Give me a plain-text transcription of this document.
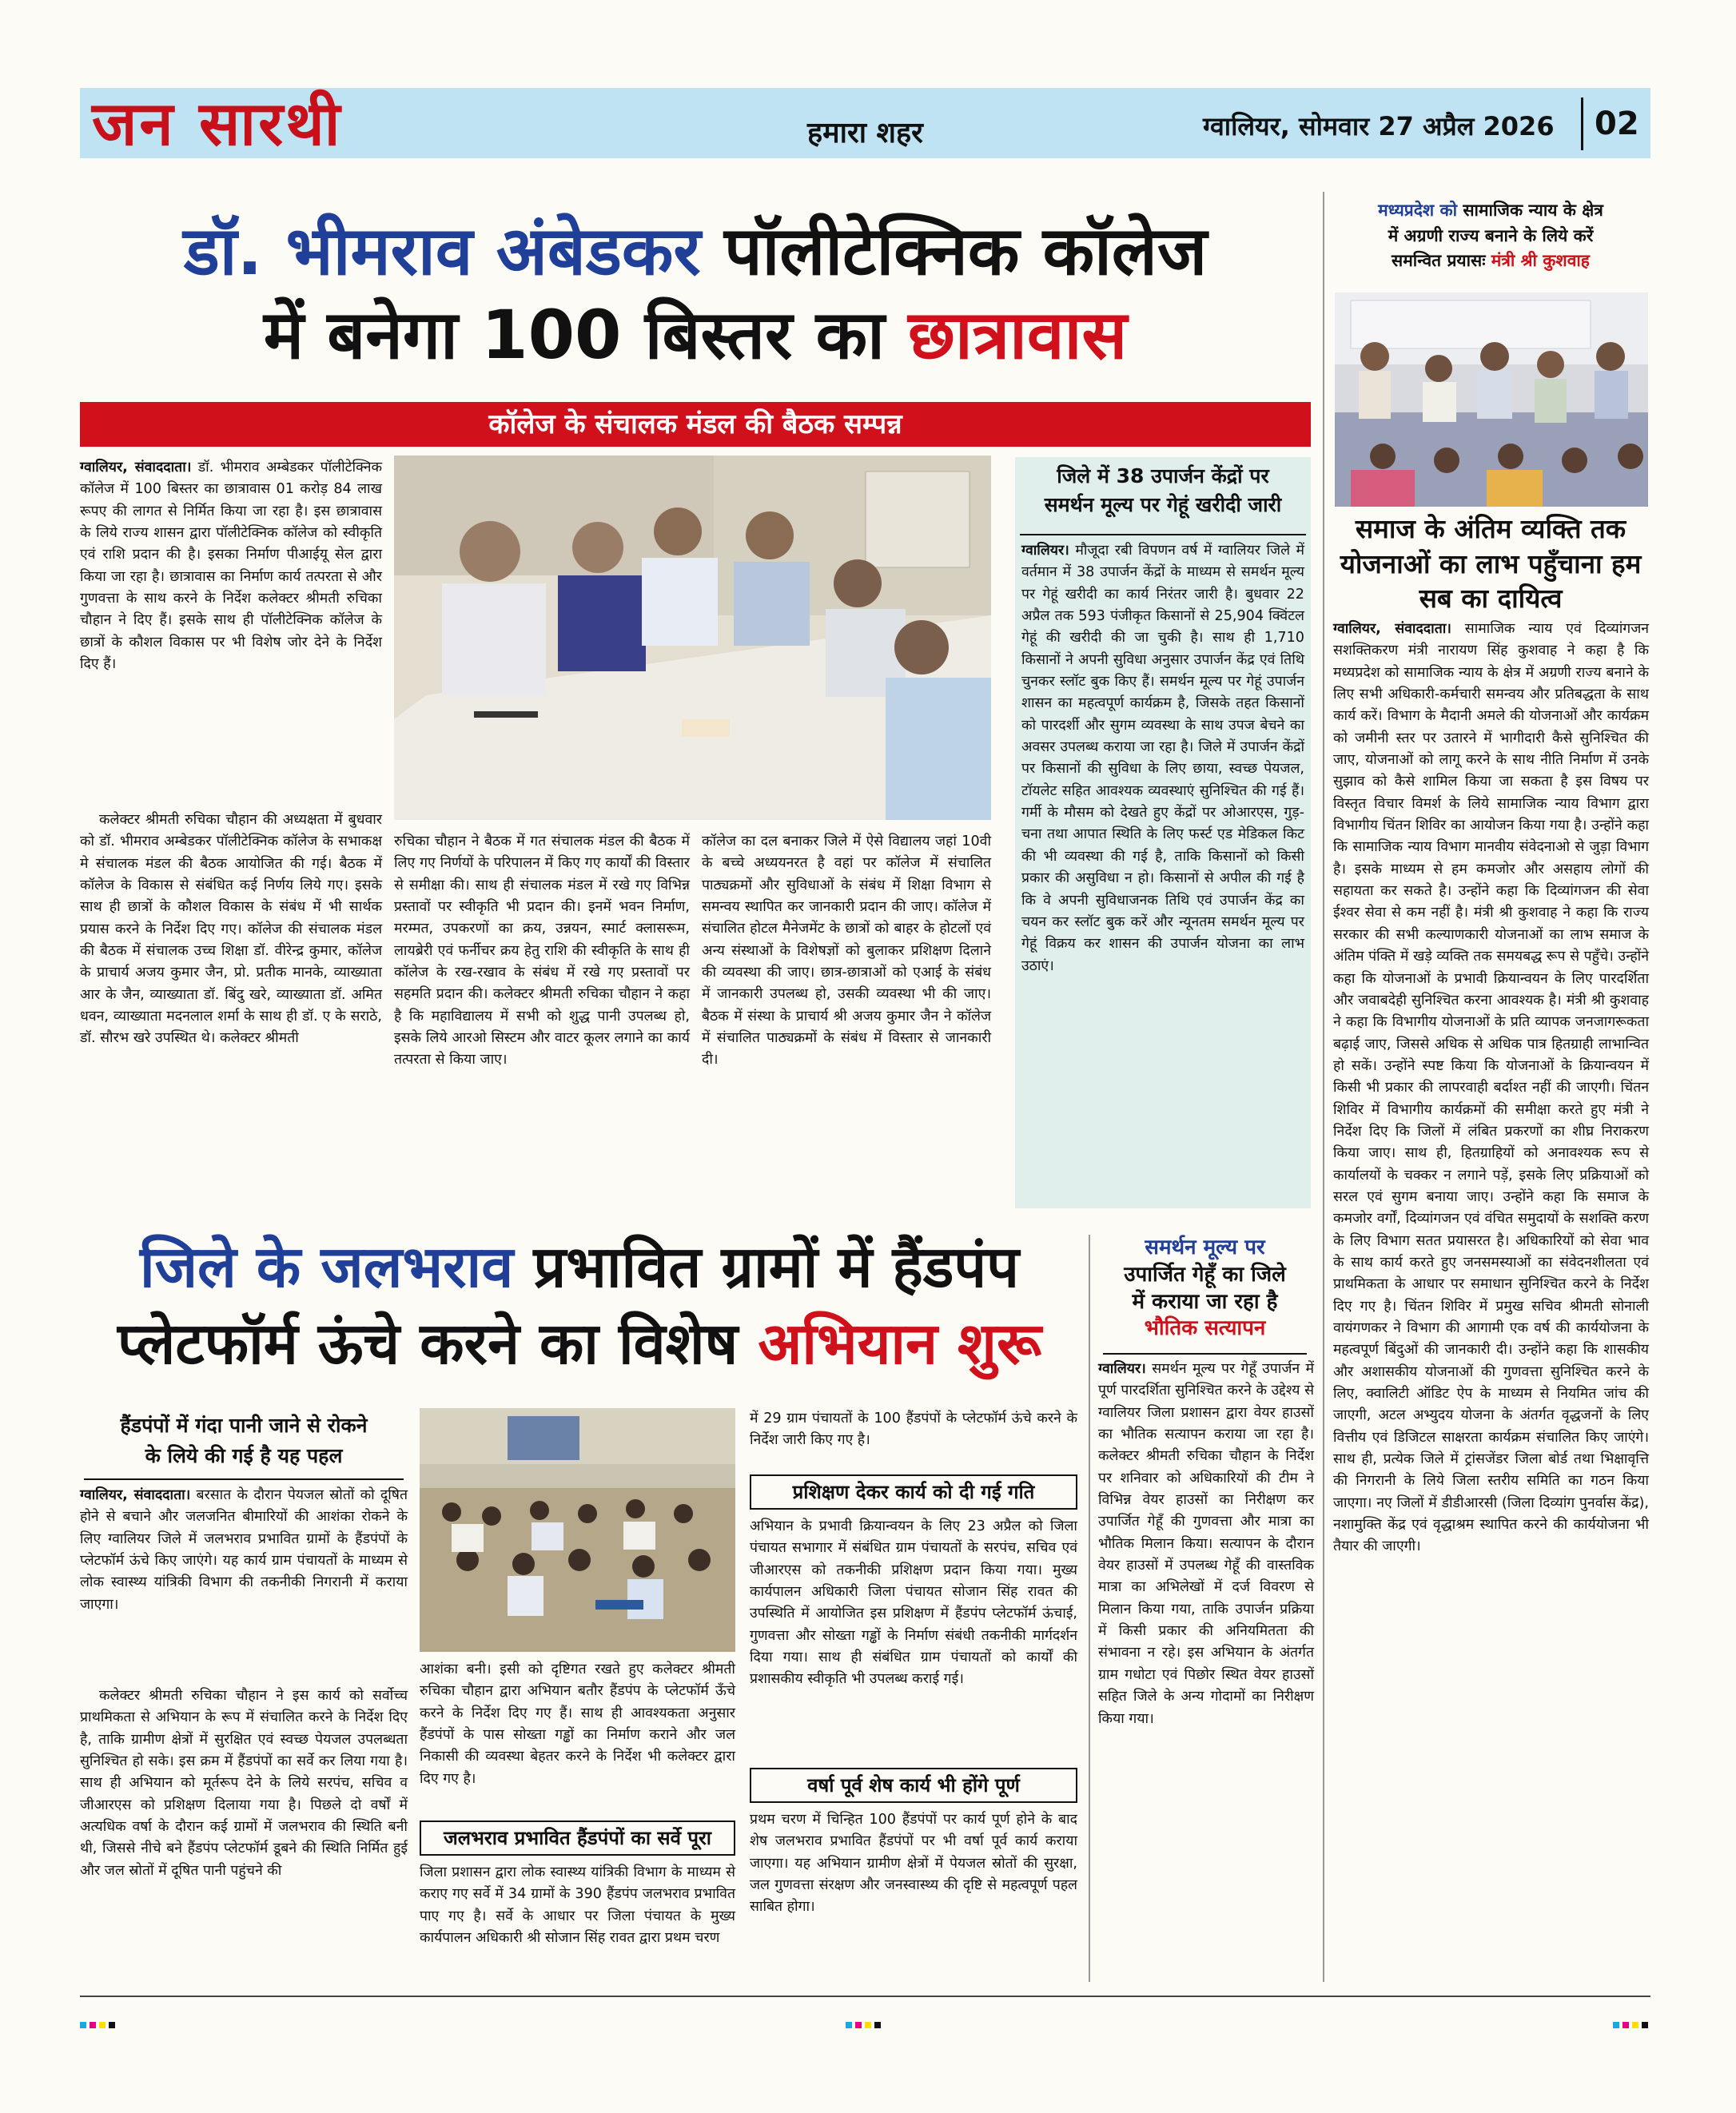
जन सारथी	हमारा शहर	ग्वालियर, सोमवार 27 अप्रैल 2026 02
डॉ. भीमराव अंबेडकर पॉलीटेक्निक कॉलेज
में बनेगा 100 बिस्तर का छात्रावास
कॉलेज के संचालक मंडल की बैठक सम्पन्न
ग्वालियर, संवाददाता। डॉ. भीमराव अम्बेडकर पॉलीटेक्निक कॉलेज में 100 बिस्तर का छात्रावास 01 करोड़ 84 लाख रूपए की लागत से निर्मित किया जा रहा है। इस छात्रावास के लिये राज्य शासन द्वारा पॉलीटेक्निक कॉलेज को स्वीकृति एवं राशि प्रदान की है। इसका निर्माण पीआईयू सेल द्वारा किया जा रहा है। छात्रावास का निर्माण कार्य तत्परता से और गुणवत्ता के साथ करने के निर्देश कलेक्टर श्रीमती रुचिका चौहान ने दिए हैं। इसके साथ ही पॉलीटेक्निक कॉलेज के छात्रों के कौशल विकास पर भी विशेष जोर देने के निर्देश दिए हैं।
कलेक्टर श्रीमती रुचिका चौहान की अध्यक्षता में बुधवार को डॉ. भीमराव अम्बेडकर पॉलीटेक्निक कॉलेज के सभाकक्ष मे संचालक मंडल की बैठक आयोजित की गई। बैठक में कॉलेज के विकास से संबंधित कई निर्णय लिये गए। इसके साथ ही छात्रों के कौशल विकास के संबंध में भी सार्थक प्रयास करने के निर्देश दिए गए। कॉलेज की संचालक मंडल की बैठक में संचालक उच्च शिक्षा डॉ. वीरेन्द्र कुमार, कॉलेज के प्राचार्य अजय कुमार जैन, प्रो. प्रतीक मानके, व्याख्याता आर के जैन, व्याख्याता डॉ. बिंदु खरे, व्याख्याता डॉ. अमित धवन, व्याख्याता मदनलाल शर्मा के साथ ही डॉ. ए के सराठे, डॉ. सौरभ खरे उपस्थित थे। कलेक्टर श्रीमती
रुचिका चौहान ने बैठक में गत संचालक मंडल की बैठक में लिए गए निर्णयों के परिपालन में किए गए कार्यों की विस्तार से समीक्षा की। साथ ही संचालक मंडल में रखे गए विभिन्न प्रस्तावों पर स्वीकृति भी प्रदान की। इनमें भवन निर्माण, मरम्मत, उपकरणों का क्रय, उन्नयन, स्मार्ट क्लासरूम, लायब्रेरी एवं फर्नीचर क्रय हेतु राशि की स्वीकृति के साथ ही कॉलेज के रख-रखाव के संबंध में रखे गए प्रस्तावों पर सहमति प्रदान की। कलेक्टर श्रीमती रुचिका चौहान ने कहा है कि महाविद्यालय में सभी को शुद्ध पानी उपलब्ध हो, इसके लिये आरओ सिस्टम और वाटर कूलर लगाने का कार्य तत्परता से किया जाए।
कॉलेज का दल बनाकर जिले में ऐसे विद्यालय जहां 10वी के बच्चे अध्ययनरत है वहां पर कॉलेज में संचालित पाठ्यक्रमों और सुविधाओं के संबंध में शिक्षा विभाग से समन्वय स्थापित कर जानकारी प्रदान की जाए। कॉलेज में संचालित होटल मैनेजमेंट के छात्रों को बाहर के होटलों एवं अन्य संस्थाओं के विशेषज्ञों को बुलाकर प्रशिक्षण दिलाने की व्यवस्था की जाए। छात्र-छात्राओं को एआई के संबंध में जानकारी उपलब्ध हो, उसकी व्यवस्था भी की जाए। बैठक में संस्था के प्राचार्य श्री अजय कुमार जैन ने कॉलेज में संचालित पाठ्यक्रमों के संबंध में विस्तार से जानकारी दी।
जिले में 38 उपार्जन केंद्रों पर
समर्थन मूल्य पर गेहूं खरीदी जारी
ग्वालियर। मौजूदा रबी विपणन वर्ष में ग्वालियर जिले में वर्तमान में 38 उपार्जन केंद्रों के माध्यम से समर्थन मूल्य पर गेहूं खरीदी का कार्य निरंतर जारी है। बुधवार 22 अप्रैल तक 593 पंजीकृत किसानों से 25,904 क्विंटल गेहूं की खरीदी की जा चुकी है। साथ ही 1,710 किसानों ने अपनी सुविधा अनुसार उपार्जन केंद्र एवं तिथि चुनकर स्लॉट बुक किए हैं। समर्थन मूल्य पर गेहूं उपार्जन शासन का महत्वपूर्ण कार्यक्रम है, जिसके तहत किसानों को पारदर्शी और सुगम व्यवस्था के साथ उपज बेचने का अवसर उपलब्ध कराया जा रहा है। जिले में उपार्जन केंद्रों पर किसानों की सुविधा के लिए छाया, स्वच्छ पेयजल, टॉयलेट सहित आवश्यक व्यवस्थाएं सुनिश्चित की गई हैं। गर्मी के मौसम को देखते हुए केंद्रों पर ओआरएस, गुड़-चना तथा आपात स्थिति के लिए फर्स्ट एड मेडिकल किट की भी व्यवस्था की गई है, ताकि किसानों को किसी प्रकार की असुविधा न हो। किसानों से अपील की गई है कि वे अपनी सुविधाजनक तिथि एवं उपार्जन केंद्र का चयन कर स्लॉट बुक करें और न्यूनतम समर्थन मूल्य पर गेहूं विक्रय कर शासन की उपार्जन योजना का लाभ उठाएं।
मध्यप्रदेश को सामाजिक न्याय के क्षेत्र
में अग्रणी राज्य बनाने के लिये करें
समन्वित प्रयासः मंत्री श्री कुशवाह
समाज के अंतिम व्यक्ति तक
योजनाओं का लाभ पहुँचाना हम
सब का दायित्व
ग्वालियर, संवाददाता। सामाजिक न्याय एवं दिव्यांगजन सशक्तिकरण मंत्री नारायण सिंह कुशवाह ने कहा है कि मध्यप्रदेश को सामाजिक न्याय के क्षेत्र में अग्रणी राज्य बनाने के लिए सभी अधिकारी-कर्मचारी समन्वय और प्रतिबद्धता के साथ कार्य करें। विभाग के मैदानी अमले की योजनाओं और कार्यक्रम को जमीनी स्तर पर उतारने में भागीदारी कैसे सुनिश्चित की जाए, योजनाओं को लागू करने के साथ नीति निर्माण में उनके सुझाव को कैसे शामिल किया जा सकता है इस विषय पर विस्तृत विचार विमर्श के लिये सामाजिक न्याय विभाग द्वारा विभागीय चिंतन शिविर का आयोजन किया गया है। उन्होंने कहा कि सामाजिक न्याय विभाग मानवीय संवेदनाओ से जुड़ा विभाग है। इसके माध्यम से हम कमजोर और असहाय लोगों की सहायता कर सकते है। उन्होंने कहा कि दिव्यांगजन की सेवा ईश्वर सेवा से कम नहीं है। मंत्री श्री कुशवाह ने कहा कि राज्य सरकार की सभी कल्याणकारी योजनाओं का लाभ समाज के अंतिम पंक्ति में खड़े व्यक्ति तक समयबद्ध रूप से पहुँचे। उन्होंने कहा कि योजनाओं के प्रभावी क्रियान्वयन के लिए पारदर्शिता और जवाबदेही सुनिश्चित करना आवश्यक है। मंत्री श्री कुशवाह ने कहा कि विभागीय योजनाओं के प्रति व्यापक जनजागरूकता बढ़ाई जाए, जिससे अधिक से अधिक पात्र हितग्राही लाभान्वित हो सकें। उन्होंने स्पष्ट किया कि योजनाओं के क्रियान्वयन में किसी भी प्रकार की लापरवाही बर्दाश्त नहीं की जाएगी। चिंतन शिविर में विभागीय कार्यक्रमों की समीक्षा करते हुए मंत्री ने निर्देश दिए कि जिलों में लंबित प्रकरणों का शीघ्र निराकरण किया जाए। साथ ही, हितग्राहियों को अनावश्यक रूप से कार्यालयों के चक्कर न लगाने पड़ें, इसके लिए प्रक्रियाओं को सरल एवं सुगम बनाया जाए। उन्होंने कहा कि समाज के कमजोर वर्गों, दिव्यांगजन एवं वंचित समुदायों के सशक्ति करण के लिए विभाग सतत प्रयासरत है। अधिकारियों को सेवा भाव के साथ कार्य करते हुए जनसमस्याओं का संवेदनशीलता एवं प्राथमिकता के आधार पर समाधान सुनिश्चित करने के निर्देश दिए गए है। चिंतन शिविर में प्रमुख सचिव श्रीमती सोनाली वायंगणकर ने विभाग की आगामी एक वर्ष की कार्ययोजना के महत्वपूर्ण बिंदुओं की जानकारी दी। उन्होंने कहा कि शासकीय और अशासकीय योजनाओं की गुणवत्ता सुनिश्चित करने के लिए, क्वालिटी ऑडिट ऐप के माध्यम से नियमित जांच की जाएगी, अटल अभ्युदय योजना के अंतर्गत वृद्धजनों के लिए वित्तीय एवं डिजिटल साक्षरता कार्यक्रम संचालित किए जाएंगे। साथ ही, प्रत्येक जिले में ट्रांसजेंडर जिला बोर्ड तथा भिक्षावृत्ति की निगरानी के लिये जिला स्तरीय समिति का गठन किया जाएगा। नए जिलों में डीडीआरसी (जिला दिव्यांग पुनर्वास केंद्र), नशामुक्ति केंद्र एवं वृद्धाश्रम स्थापित करने की कार्ययोजना भी तैयार की जाएगी।
जिले के जलभराव प्रभावित ग्रामों में हैंडपंप
प्लेटफॉर्म ऊंचे करने का विशेष अभियान शुरू
हैंडपंपों में गंदा पानी जाने से रोकने
के लिये की गई है यह पहल
ग्वालियर, संवाददाता। बरसात के दौरान पेयजल स्रोतों को दूषित होने से बचाने और जलजनित बीमारियों की आशंका रोकने के लिए ग्वालियर जिले में जलभराव प्रभावित ग्रामों के हैंडपंपों के प्लेटफॉर्म ऊंचे किए जाएंगे। यह कार्य ग्राम पंचायतों के माध्यम से लोक स्वास्थ्य यांत्रिकी विभाग की तकनीकी निगरानी में कराया जाएगा।
कलेक्टर श्रीमती रुचिका चौहान ने इस कार्य को सर्वोच्च प्राथमिकता से अभियान के रूप में संचालित करने के निर्देश दिए है, ताकि ग्रामीण क्षेत्रों में सुरक्षित एवं स्वच्छ पेयजल उपलब्धता सुनिश्चित हो सके। इस क्रम में हैंडपंपों का सर्वे कर लिया गया है। साथ ही अभियान को मूर्तरूप देने के लिये सरपंच, सचिव व जीआरएस को प्रशिक्षण दिलाया गया है। पिछले दो वर्षों में अत्यधिक वर्षा के दौरान कई ग्रामों में जलभराव की स्थिति बनी थी, जिससे नीचे बने हैंडपंप प्लेटफॉर्म डूबने की स्थिति निर्मित हुई और जल स्रोतों में दूषित पानी पहुंचने की
आशंका बनी। इसी को दृष्टिगत रखते हुए कलेक्टर श्रीमती रुचिका चौहान द्वारा अभियान बतौर हैंडपंप के प्लेटफॉर्म ऊँचे करने के निर्देश दिए गए हैं। साथ ही आवश्यकता अनुसार हैंडपंपों के पास सोख्ता गड्ढों का निर्माण कराने और जल निकासी की व्यवस्था बेहतर करने के निर्देश भी कलेक्टर द्वारा दिए गए है।
जलभराव प्रभावित हैंडपंपों का सर्वे पूरा
जिला प्रशासन द्वारा लोक स्वास्थ्य यांत्रिकी विभाग के माध्यम से कराए गए सर्वे में 34 ग्रामों के 390 हैंडपंप जलभराव प्रभावित पाए गए है। सर्वे के आधार पर जिला पंचायत के मुख्य कार्यपालन अधिकारी श्री सोजान सिंह रावत द्वारा प्रथम चरण
में 29 ग्राम पंचायतों के 100 हैंडपंपों के प्लेटफॉर्म ऊंचे करने के निर्देश जारी किए गए है।
प्रशिक्षण देकर कार्य को दी गई गति
अभियान के प्रभावी क्रियान्वयन के लिए 23 अप्रैल को जिला पंचायत सभागार में संबंधित ग्राम पंचायतों के सरपंच, सचिव एवं जीआरएस को तकनीकी प्रशिक्षण प्रदान किया गया। मुख्य कार्यपालन अधिकारी जिला पंचायत सोजान सिंह रावत की उपस्थिति में आयोजित इस प्रशिक्षण में हैंडपंप प्लेटफॉर्म ऊंचाई, गुणवत्ता और सोख्ता गड्ढों के निर्माण संबंधी तकनीकी मार्गदर्शन दिया गया। साथ ही संबंधित ग्राम पंचायतों को कार्यों की प्रशासकीय स्वीकृति भी उपलब्ध कराई गई।
वर्षा पूर्व शेष कार्य भी होंगे पूर्ण
प्रथम चरण में चिन्हित 100 हैंडपंपों पर कार्य पूर्ण होने के बाद शेष जलभराव प्रभावित हैंडपंपों पर भी वर्षा पूर्व कार्य कराया जाएगा। यह अभियान ग्रामीण क्षेत्रों में पेयजल स्रोतों की सुरक्षा, जल गुणवत्ता संरक्षण और जनस्वास्थ्य की दृष्टि से महत्वपूर्ण पहल साबित होगा।
समर्थन मूल्य पर
उपार्जित गेहूँ का जिले
में कराया जा रहा है
भौतिक सत्यापन
ग्वालियर। समर्थन मूल्य पर गेहूँ उपार्जन में पूर्ण पारदर्शिता सुनिश्चित करने के उद्देश्य से ग्वालियर जिला प्रशासन द्वारा वेयर हाउसों का भौतिक सत्यापन कराया जा रहा है। कलेक्टर श्रीमती रुचिका चौहान के निर्देश पर शनिवार को अधिकारियों की टीम ने विभिन्न वेयर हाउसों का निरीक्षण कर उपार्जित गेहूँ की गुणवत्ता और मात्रा का भौतिक मिलान किया। सत्यापन के दौरान वेयर हाउसों में उपलब्ध गेहूँ की वास्तविक मात्रा का अभिलेखों में दर्ज विवरण से मिलान किया गया, ताकि उपार्जन प्रक्रिया में किसी प्रकार की अनियमितता की संभावना न रहे। इस अभियान के अंतर्गत ग्राम गधोटा एवं पिछोर स्थित वेयर हाउसों सहित जिले के अन्य गोदामों का निरीक्षण किया गया।
